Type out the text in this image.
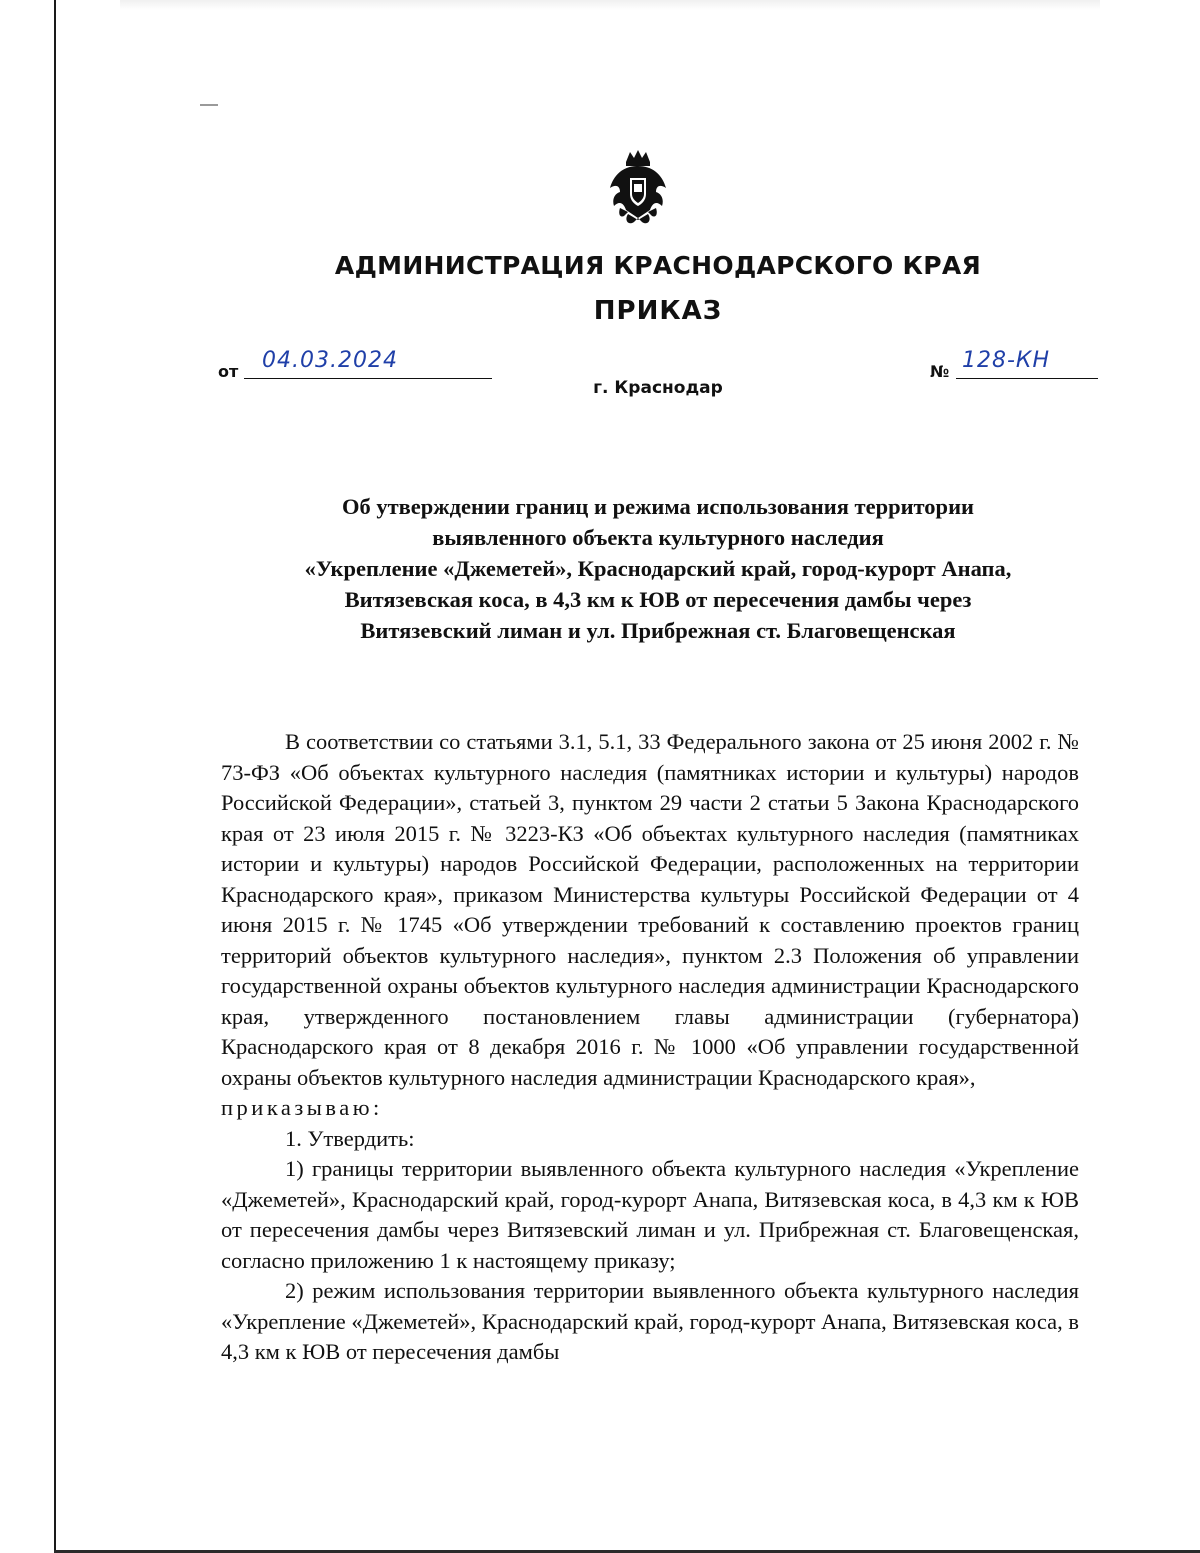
АДМИНИСТРАЦИЯ КРАСНОДАРСКОГО КРАЯ
ПРИКАЗ
от 04.03.2024	№ 128-КН
г. Краснодар
Об утверждении границ и режима использования территории
выявленного объекта культурного наследия
«Укрепление «Джеметей», Краснодарский край, город-курорт Анапа,
Витязевская коса, в 4,3 км к ЮВ от пересечения дамбы через
Витязевский лиман и ул. Прибрежная ст. Благовещенская

В соответствии со статьями 3.1, 5.1, 33 Федерального закона от 25 июня 2002 г. № 73-ФЗ «Об объектах культурного наследия (памятниках истории и культуры) народов Российской Федерации», статьей 3, пунктом 29 части 2 статьи 5 Закона Краснодарского края от 23 июля 2015 г. № 3223-КЗ «Об объектах культурного наследия (памятниках истории и культуры) народов Российской Федерации, расположенных на территории Краснодарского края», приказом Министерства культуры Российской Федерации от 4 июня 2015 г. № 1745 «Об утверждении требований к составлению проектов границ территорий объектов культурного наследия», пунктом 2.3 Положения об управлении государственной охраны объектов культурного наследия администрации Краснодарского края, утвержденного постановлением главы администрации (губернатора) Краснодарского края от 8 декабря 2016 г. № 1000 «Об управлении государственной охраны объектов культурного наследия администрации Краснодарского края»,

приказываю:

1. Утвердить:

1) границы территории выявленного объекта культурного наследия «Укрепление «Джеметей», Краснодарский край, город-курорт Анапа, Витязевская коса, в 4,3 км к ЮВ от пересечения дамбы через Витязевский лиман и ул. Прибрежная ст. Благовещенская, согласно приложению 1 к настоящему приказу;

2) режим использования территории выявленного объекта культурного наследия «Укрепление «Джеметей», Краснодарский край, город-курорт Анапа, Витязевская коса, в 4,3 км к ЮВ от пересечения дамбы
